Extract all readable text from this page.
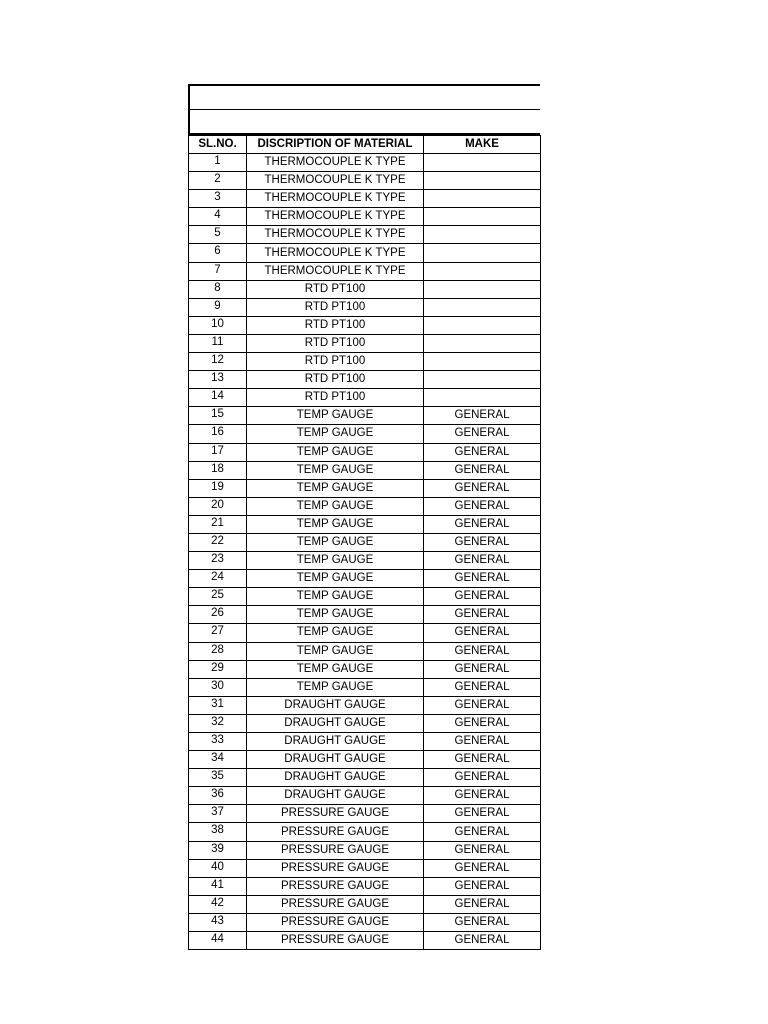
SL.NO.	DISCRIPTION OF MATERIAL	MAKE
1	THERMOCOUPLE K TYPE	
2	THERMOCOUPLE K TYPE	
3	THERMOCOUPLE K TYPE	
4	THERMOCOUPLE K TYPE	
5	THERMOCOUPLE K TYPE	
6	THERMOCOUPLE K TYPE	
7	THERMOCOUPLE K TYPE	
8	RTD PT100	
9	RTD PT100	
10	RTD PT100	
11	RTD PT100	
12	RTD PT100	
13	RTD PT100	
14	RTD PT100	
15	TEMP GAUGE	GENERAL
16	TEMP GAUGE	GENERAL
17	TEMP GAUGE	GENERAL
18	TEMP GAUGE	GENERAL
19	TEMP GAUGE	GENERAL
20	TEMP GAUGE	GENERAL
21	TEMP GAUGE	GENERAL
22	TEMP GAUGE	GENERAL
23	TEMP GAUGE	GENERAL
24	TEMP GAUGE	GENERAL
25	TEMP GAUGE	GENERAL
26	TEMP GAUGE	GENERAL
27	TEMP GAUGE	GENERAL
28	TEMP GAUGE	GENERAL
29	TEMP GAUGE	GENERAL
30	TEMP GAUGE	GENERAL
31	DRAUGHT GAUGE	GENERAL
32	DRAUGHT GAUGE	GENERAL
33	DRAUGHT GAUGE	GENERAL
34	DRAUGHT GAUGE	GENERAL
35	DRAUGHT GAUGE	GENERAL
36	DRAUGHT GAUGE	GENERAL
37	PRESSURE GAUGE	GENERAL
38	PRESSURE GAUGE	GENERAL
39	PRESSURE GAUGE	GENERAL
40	PRESSURE GAUGE	GENERAL
41	PRESSURE GAUGE	GENERAL
42	PRESSURE GAUGE	GENERAL
43	PRESSURE GAUGE	GENERAL
44	PRESSURE GAUGE	GENERAL
